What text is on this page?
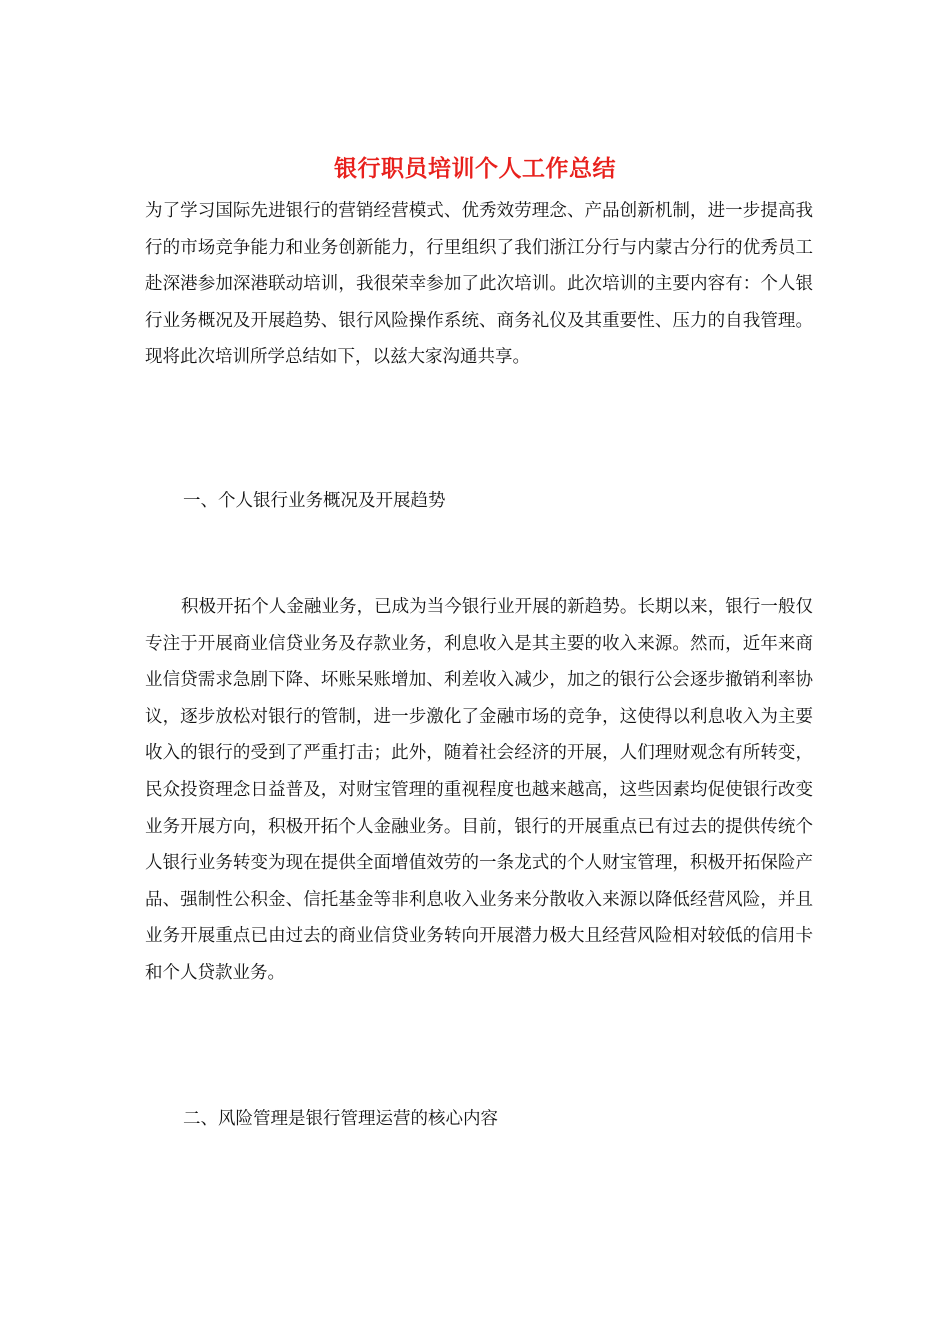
银行职员培训个人工作总结

为了学习国际先进银行的营销经营模式、优秀效劳理念、产品创新机制，进一步提高我行的市场竞争能力和业务创新能力，行里组织了我们浙江分行与内蒙古分行的优秀员工赴深港参加深港联动培训，我很荣幸参加了此次培训。此次培训的主要内容有：个人银行业务概况及开展趋势、银行风险操作系统、商务礼仪及其重要性、压力的自我管理。现将此次培训所学总结如下，以兹大家沟通共享。

一、个人银行业务概况及开展趋势

积极开拓个人金融业务，已成为当今银行业开展的新趋势。长期以来，银行一般仅专注于开展商业信贷业务及存款业务，利息收入是其主要的收入来源。然而，近年来商业信贷需求急剧下降、坏账呆账增加、利差收入减少，加之的银行公会逐步撤销利率协议，逐步放松对银行的管制，进一步激化了金融市场的竞争，这使得以利息收入为主要收入的银行的受到了严重打击；此外，随着社会经济的开展，人们理财观念有所转变，民众投资理念日益普及，对财宝管理的重视程度也越来越高，这些因素均促使银行改变业务开展方向，积极开拓个人金融业务。目前，银行的开展重点已有过去的提供传统个人银行业务转变为现在提供全面增值效劳的一条龙式的个人财宝管理，积极开拓保险产品、强制性公积金、信托基金等非利息收入业务来分散收入来源以降低经营风险，并且业务开展重点已由过去的商业信贷业务转向开展潜力极大且经营风险相对较低的信用卡和个人贷款业务。

二、风险管理是银行管理运营的核心内容
